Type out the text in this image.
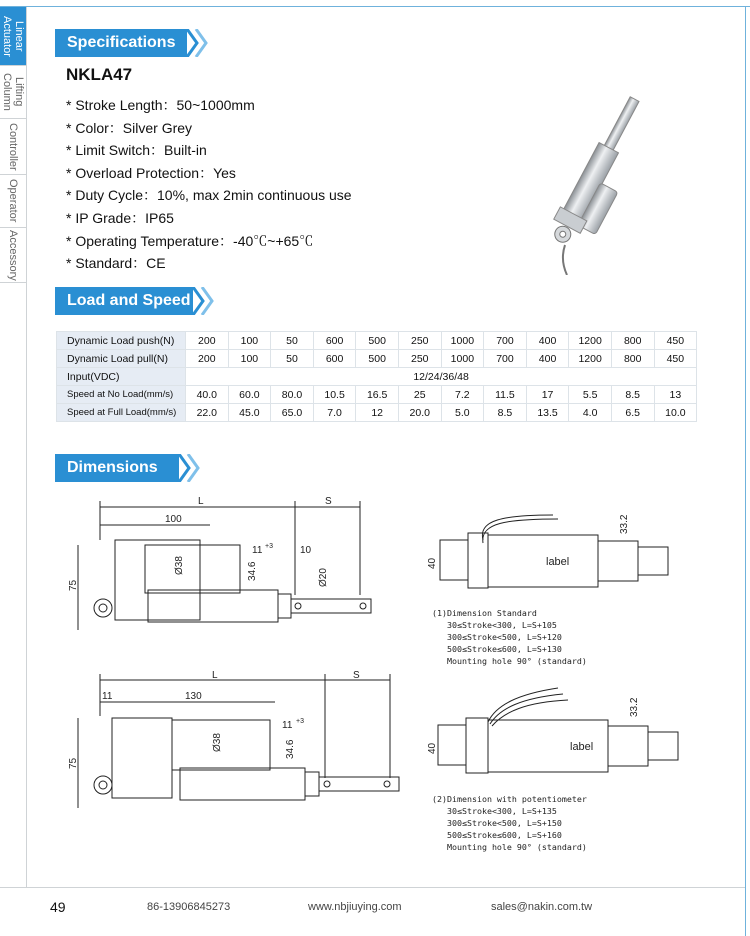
Linear
Actuator
Lifting
Column
Controller
Operator
Accessory
Specifications
NKLA47
* Stroke Length：50~1000mm
* Color：Silver Grey
* Limit Switch：Built-in
* Overload Protection：Yes
* Duty Cycle：10%, max 2min continuous use
* IP Grade：IP65
* Operating Temperature：-40℃~+65℃
* Standard：CE
Load and Speed
Dynamic Load push(N)	200	100	50	600	500	250	1000	700	400	1200	800	450
Dynamic Load pull(N)	200	100	50	600	500	250	1000	700	400	1200	800	450
Input(VDC)	12/24/36/48											
Speed at No Load(mm/s)	40.0	60.0	80.0	10.5	16.5	25	7.2	11.5	17	5.5	8.5	13
Speed at Full Load(mm/s)	22.0	45.0	65.0	7.0	12	20.0	5.0	8.5	13.5	4.0	6.5	10.0
Dimensions
L	S
100
75
Ø38	34.6	Ø20
11 +3	10
label
40
33.2
(1)Dimension Standard
30≤Stroke<300, L=S+105
300≤Stroke<500, L=S+120
500≤Stroke≤600, L=S+130
Mounting hole 90° (standard)
L	S
11	130
75
Ø38	34.6
11 +3
label
40
33.2
(2)Dimension with potentiometer
30≤Stroke<300, L=S+135
300≤Stroke<500, L=S+150
500≤Stroke≤600, L=S+160
Mounting hole 90° (standard)
49	86-13906845273	www.nbjiuying.com	sales@nakin.com.tw
